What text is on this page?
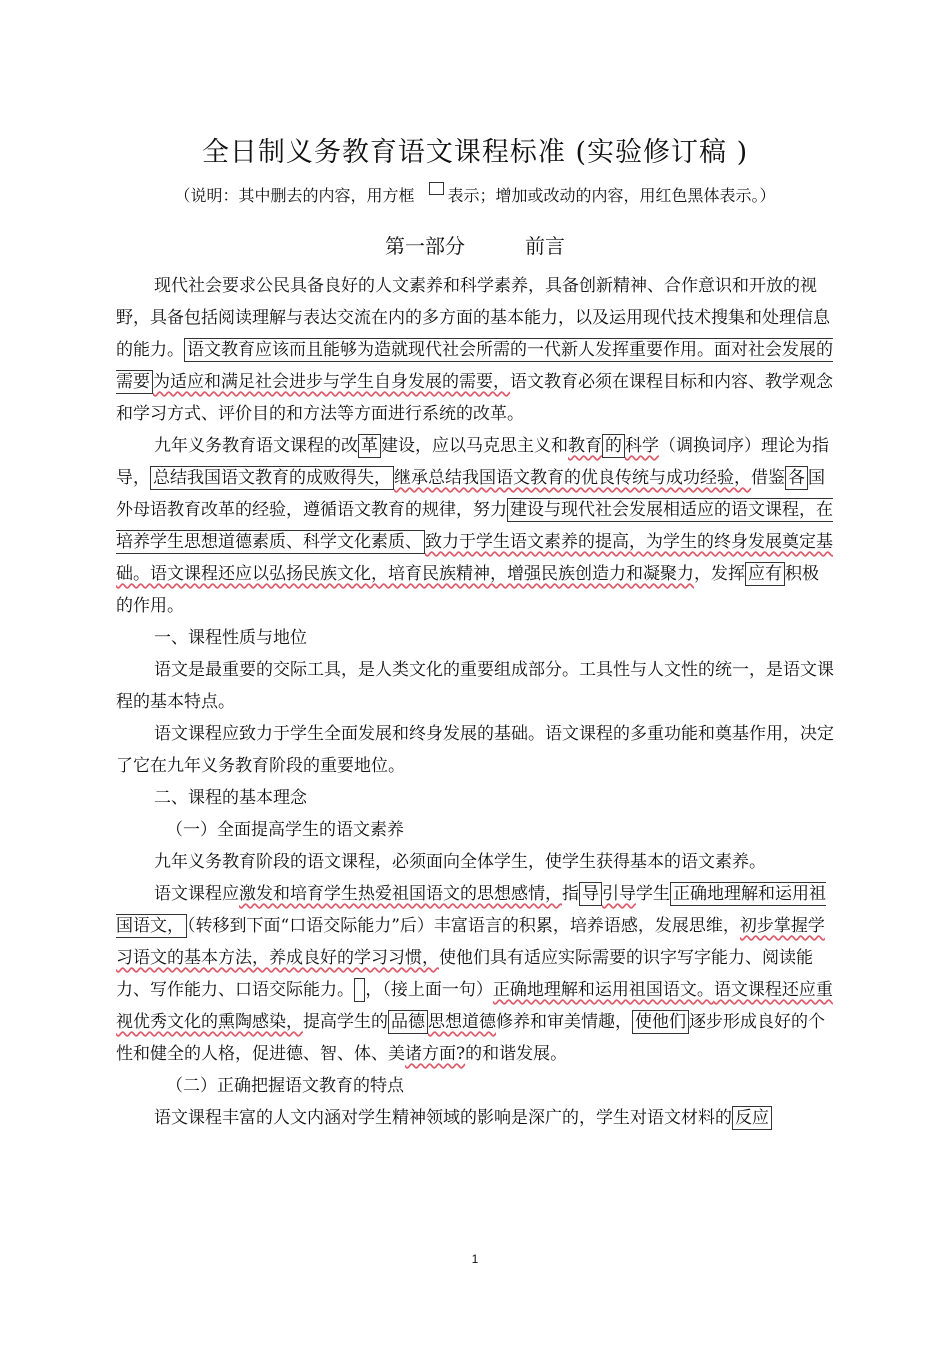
全日制义务教育语文课程标准 (实验修订稿 )
（说明：其中删去的内容，用方框 表示；增加或改动的内容，用红色黑体表示。）
第一部分	前言

现代社会要求公民具备良好的人文素养和科学素养，具备创新精神、合作意识和开放的视野，具备包括阅读理解与表达交流在内的多方面的基本能力，以及运用现代技术搜集和处理信息的能力。 语文教育应该而且能够为造就现代社会所需的一代新人发挥重要作用。面对社会发展的需要 为适应和满足社会进步与学生自身发展的需要，语文教育必须在课程目标和内容、教学观念和学习方式、评价目的和方法等方面进行系统的改革。

九年义务教育语文课程的改 革 建设，应以马克思主义和教育 的 科学（调换词序）理论为指导， 总结我国语文教育的成败得失， 继承总结我国语文教育的优良传统与成功经验，借鉴 各 国外母语教育改革的经验，遵循语文教育的规律，努力 建设与现代社会发展相适应的语文课程，在培养学生思想道德素质、科学文化素质、 致力于学生语文素养的提高，为学生的终身发展奠定基础。语文课程还应以弘扬民族文化，培育民族精神，增强民族创造力和凝聚力，发挥 应有 积极的作用。

一、课程性质与地位

语文是最重要的交际工具，是人类文化的重要组成部分。工具性与人文性的统一，是语文课程的基本特点。

语文课程应致力于学生全面发展和终身发展的基础。语文课程的多重功能和奠基作用，决定了它在九年义务教育阶段的重要地位。

二、课程的基本理念

（一）全面提高学生的语文素养

九年义务教育阶段的语文课程，必须面向全体学生，使学生获得基本的语文素养。

语文课程应激发和培育学生热爱祖国语文的思想感情，指 导 引导学生 正确地理解和运用祖国语文， （转移到下面“口语交际能力”后）丰富语言的积累，培养语感，发展思维，初步掌握学习语文的基本方法，养成良好的学习习惯，使他们具有适应实际需要的识字写字能力、阅读能力、写作能力、口语交际能力。 ，（接上面一句）正确地理解和运用祖国语文。语文课程还应重视优秀文化的熏陶感染，提高学生的 品德 思想道德修养和审美情趣， 使他们 逐步形成良好的个性和健全的人格，促进德、智、体、美诸方面?的和谐发展。

（二）正确把握语文教育的特点

语文课程丰富的人文内涵对学生精神领域的影响是深广的，学生对语文材料的 反应

1
